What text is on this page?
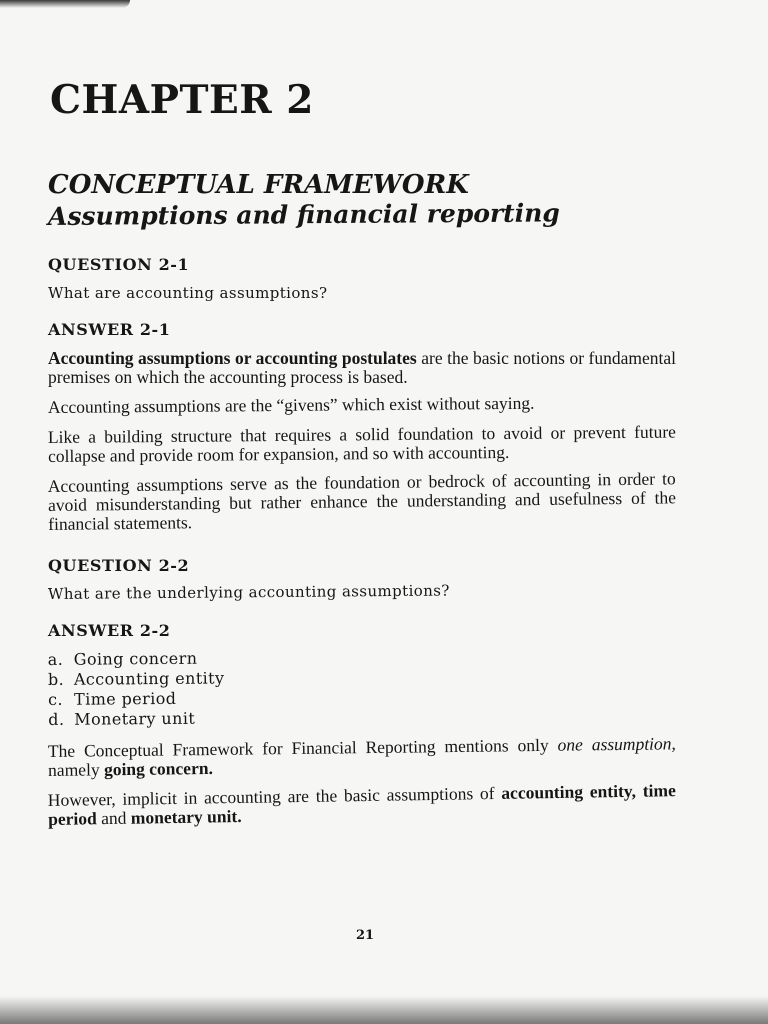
CHAPTER 2
CONCEPTUAL FRAMEWORK
Assumptions and financial reporting
QUESTION 2-1
What are accounting assumptions?
ANSWER 2-1

Accounting assumptions or accounting postulates are the basic notions or fundamental premises on which the accounting process is based.

Accounting assumptions are the “givens” which exist without saying.

Like a building structure that requires a solid foundation to avoid or prevent future collapse and provide room for expansion, and so with accounting.

Accounting assumptions serve as the foundation or bedrock of accounting in order to avoid misunderstanding but rather enhance the understanding and usefulness of the financial statements.

QUESTION 2-2
What are the underlying accounting assumptions?
ANSWER 2-2
a. Going concern
b. Accounting entity
c. Time period
d. Monetary unit

The Conceptual Framework for Financial Reporting mentions only one assumption, namely going concern.

However, implicit in accounting are the basic assumptions of accounting entity, time period and monetary unit.

21
